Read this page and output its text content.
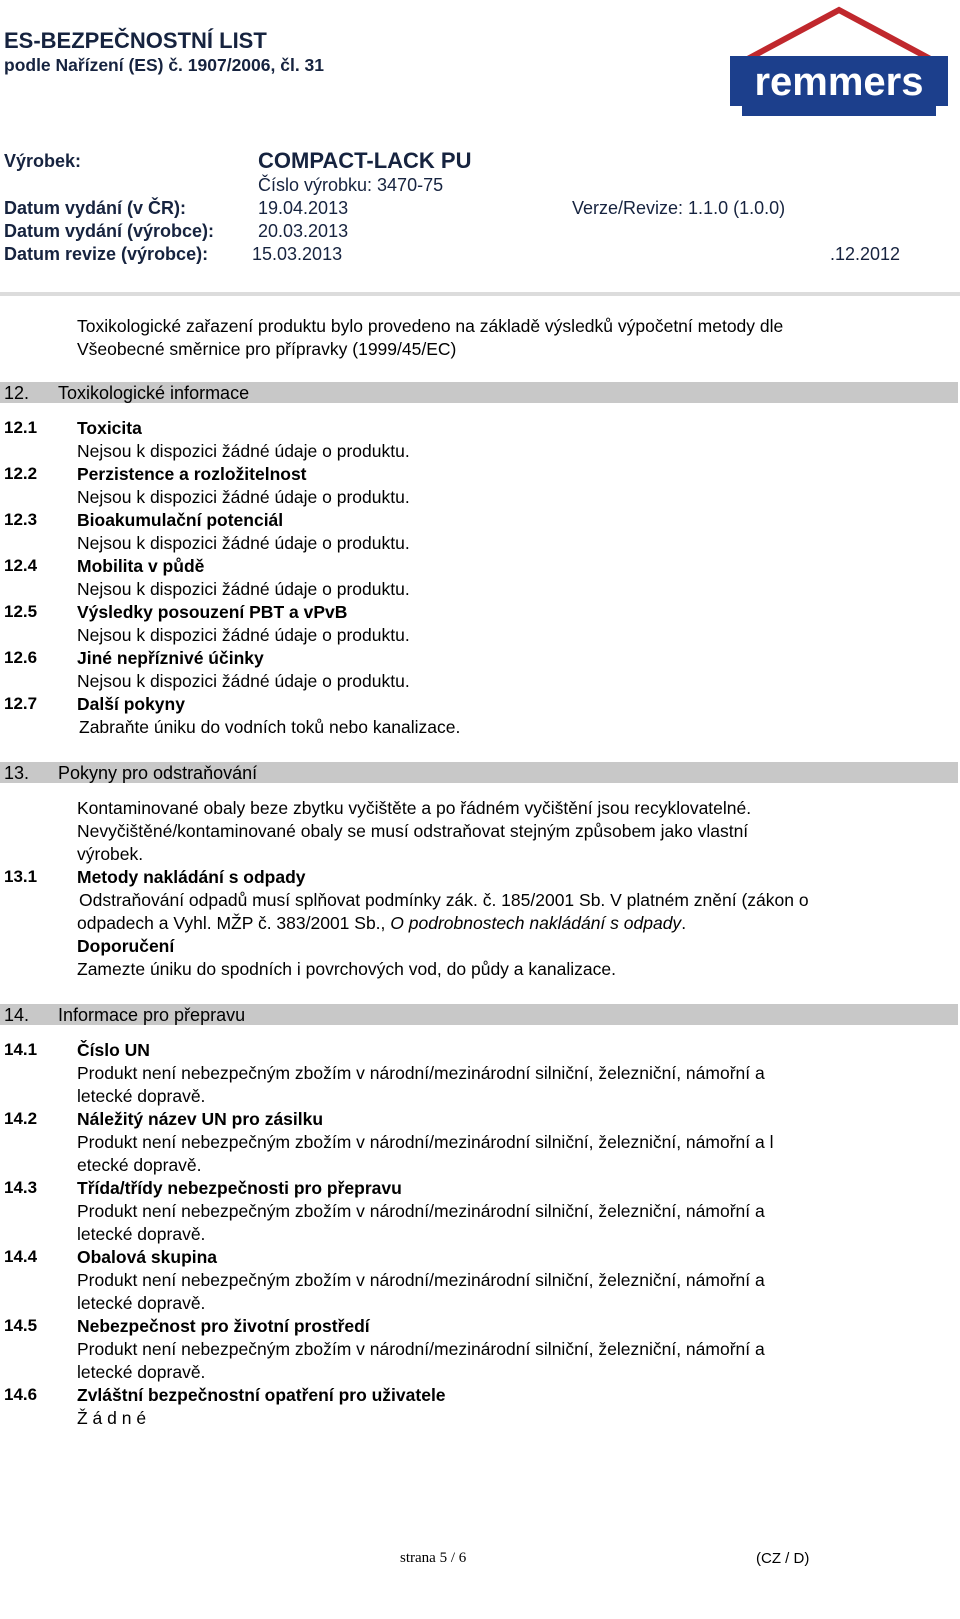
ES-BEZPEČNOSTNÍ LIST
podle Nařízení (ES) č. 1907/2006, čl. 31	remmers
Výrobek:	COMPACT-LACK PU
Číslo výrobku: 3470-75
Datum vydání (v ČR):	19.04.2013	Verze/Revize: 1.1.0 (1.0.0)
Datum vydání (výrobce): 20.03.2013
Datum revize (výrobce): 15.03.2013	.12.2012
Toxikologické zařazení produktu bylo provedeno na základě výsledků výpočetní metody dle
Všeobecné směrnice pro přípravky (1999/45/EC)
12. Toxikologické informace
12.1 Toxicita
Nejsou k dispozici žádné údaje o produktu.
12.2 Perzistence a rozložitelnost
Nejsou k dispozici žádné údaje o produktu.
12.3 Bioakumulační potenciál
Nejsou k dispozici žádné údaje o produktu.
12.4 Mobilita v půdě
Nejsou k dispozici žádné údaje o produktu.
12.5 Výsledky posouzení PBT a vPvB
Nejsou k dispozici žádné údaje o produktu.
12.6 Jiné nepříznivé účinky
Nejsou k dispozici žádné údaje o produktu.
12.7 Další pokyny
Zabraňte úniku do vodních toků nebo kanalizace.
13. Pokyny pro odstraňování
Kontaminované obaly beze zbytku vyčištěte a po řádném vyčištění jsou recyklovatelné.
Nevyčištěné/kontaminované obaly se musí odstraňovat stejným způsobem jako vlastní
výrobek.
13.1 Metody nakládání s odpady
Odstraňování odpadů musí splňovat podmínky zák. č. 185/2001 Sb. V platném znění (zákon o
odpadech a Vyhl. MŽP č. 383/2001 Sb., O podrobnostech nakládání s odpady.
Doporučení
Zamezte úniku do spodních i povrchových vod, do půdy a kanalizace.
14. Informace pro přepravu
14.1 Číslo UN
Produkt není nebezpečným zbožím v národní/mezinárodní silniční, železniční, námořní a
letecké dopravě.
14.2 Náležitý název UN pro zásilku
Produkt není nebezpečným zbožím v národní/mezinárodní silniční, železniční, námořní a l
etecké dopravě.
14.3 Třída/třídy nebezpečnosti pro přepravu
Produkt není nebezpečným zbožím v národní/mezinárodní silniční, železniční, námořní a
letecké dopravě.
14.4 Obalová skupina
Produkt není nebezpečným zbožím v národní/mezinárodní silniční, železniční, námořní a
letecké dopravě.
14.5 Nebezpečnost pro životní prostředí
Produkt není nebezpečným zbožím v národní/mezinárodní silniční, železniční, námořní a
letecké dopravě.
14.6 Zvláštní bezpečnostní opatření pro uživatele
Ž á d n é
strana 5 / 6	(CZ / D)
